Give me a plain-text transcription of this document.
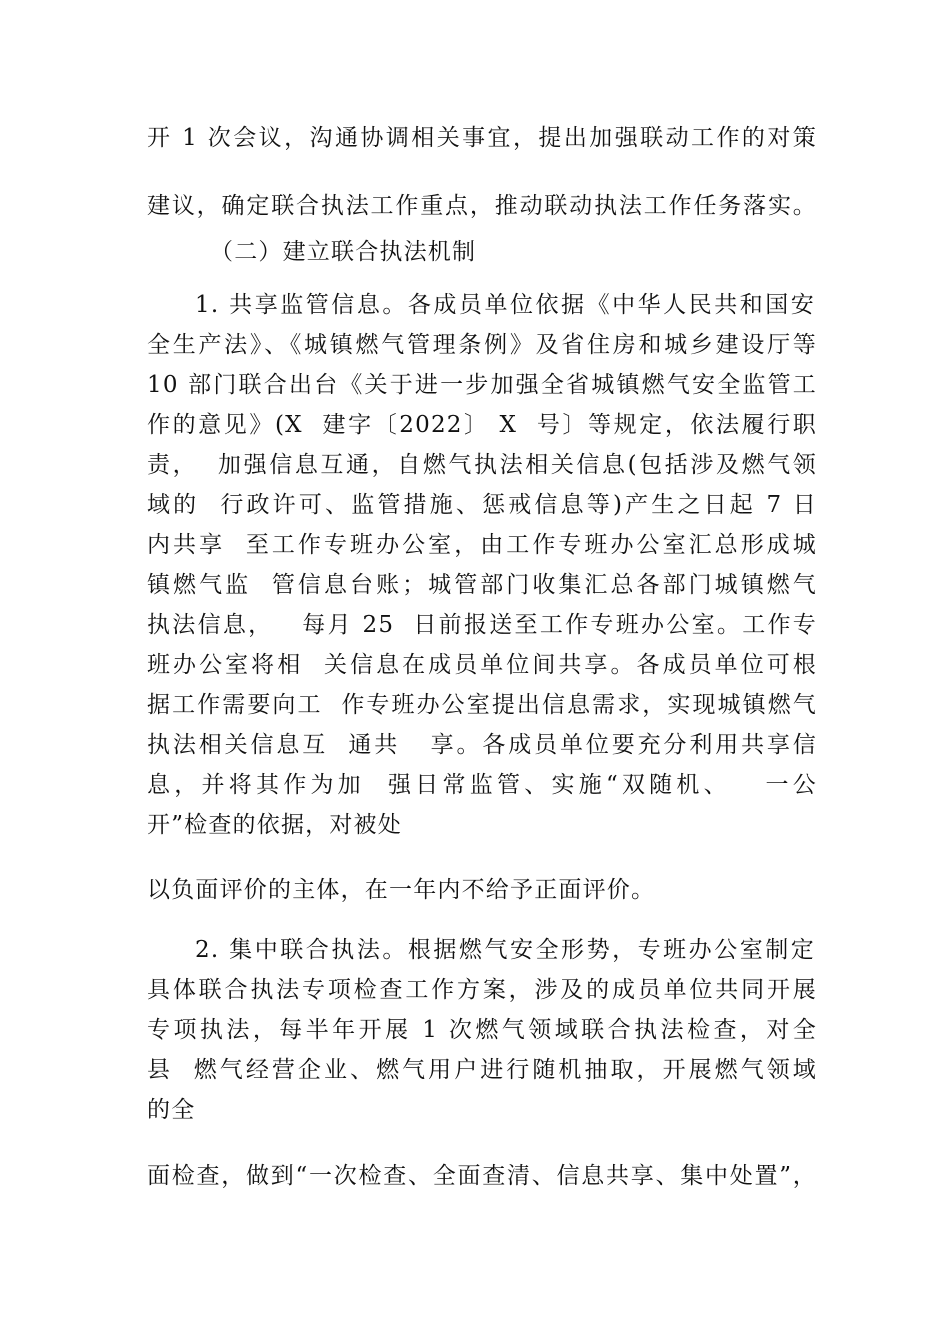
开 1 次会议，沟通协调相关事宜，提出加强联动工作的对策
建议，确定联合执法工作重点，推动联动执法工作任务落实。
（二）建立联合执法机制
1. 共享监管信息。各成员单位依据《中华人民共和国安
全生产法》、《城镇燃气管理条例》及省住房和城乡建设厅等
10 部门联合出台《关于进一步加强全省城镇燃气安全监管工
作的意见》(X  建字〔2022〕 X  号〕等规定，依法履行职
责，  加强信息互通，自燃气执法相关信息(包括涉及燃气领
域的  行政许可、监管措施、惩戒信息等)产生之日起 7 日
内共享  至工作专班办公室，由工作专班办公室汇总形成城
镇燃气监  管信息台账；城管部门收集汇总各部门城镇燃气
执法信息，   每月 25  日前报送至工作专班办公室。工作专
班办公室将相  关信息在成员单位间共享。各成员单位可根
据工作需要向工  作专班办公室提出信息需求，实现城镇燃气
执法相关信息互  通共   享。各成员单位要充分利用共享信
息，并将其作为加  强日常监管、实施“双随机、   一公
开”检查的依据，对被处
以负面评价的主体，在一年内不给予正面评价。
2. 集中联合执法。根据燃气安全形势，专班办公室制定
具体联合执法专项检查工作方案，涉及的成员单位共同开展
专项执法，每半年开展 1 次燃气领域联合执法检查，对全
县  燃气经营企业、燃气用户进行随机抽取，开展燃气领域
的全
面检查，做到“一次检查、全面查清、信息共享、集中处置”，
